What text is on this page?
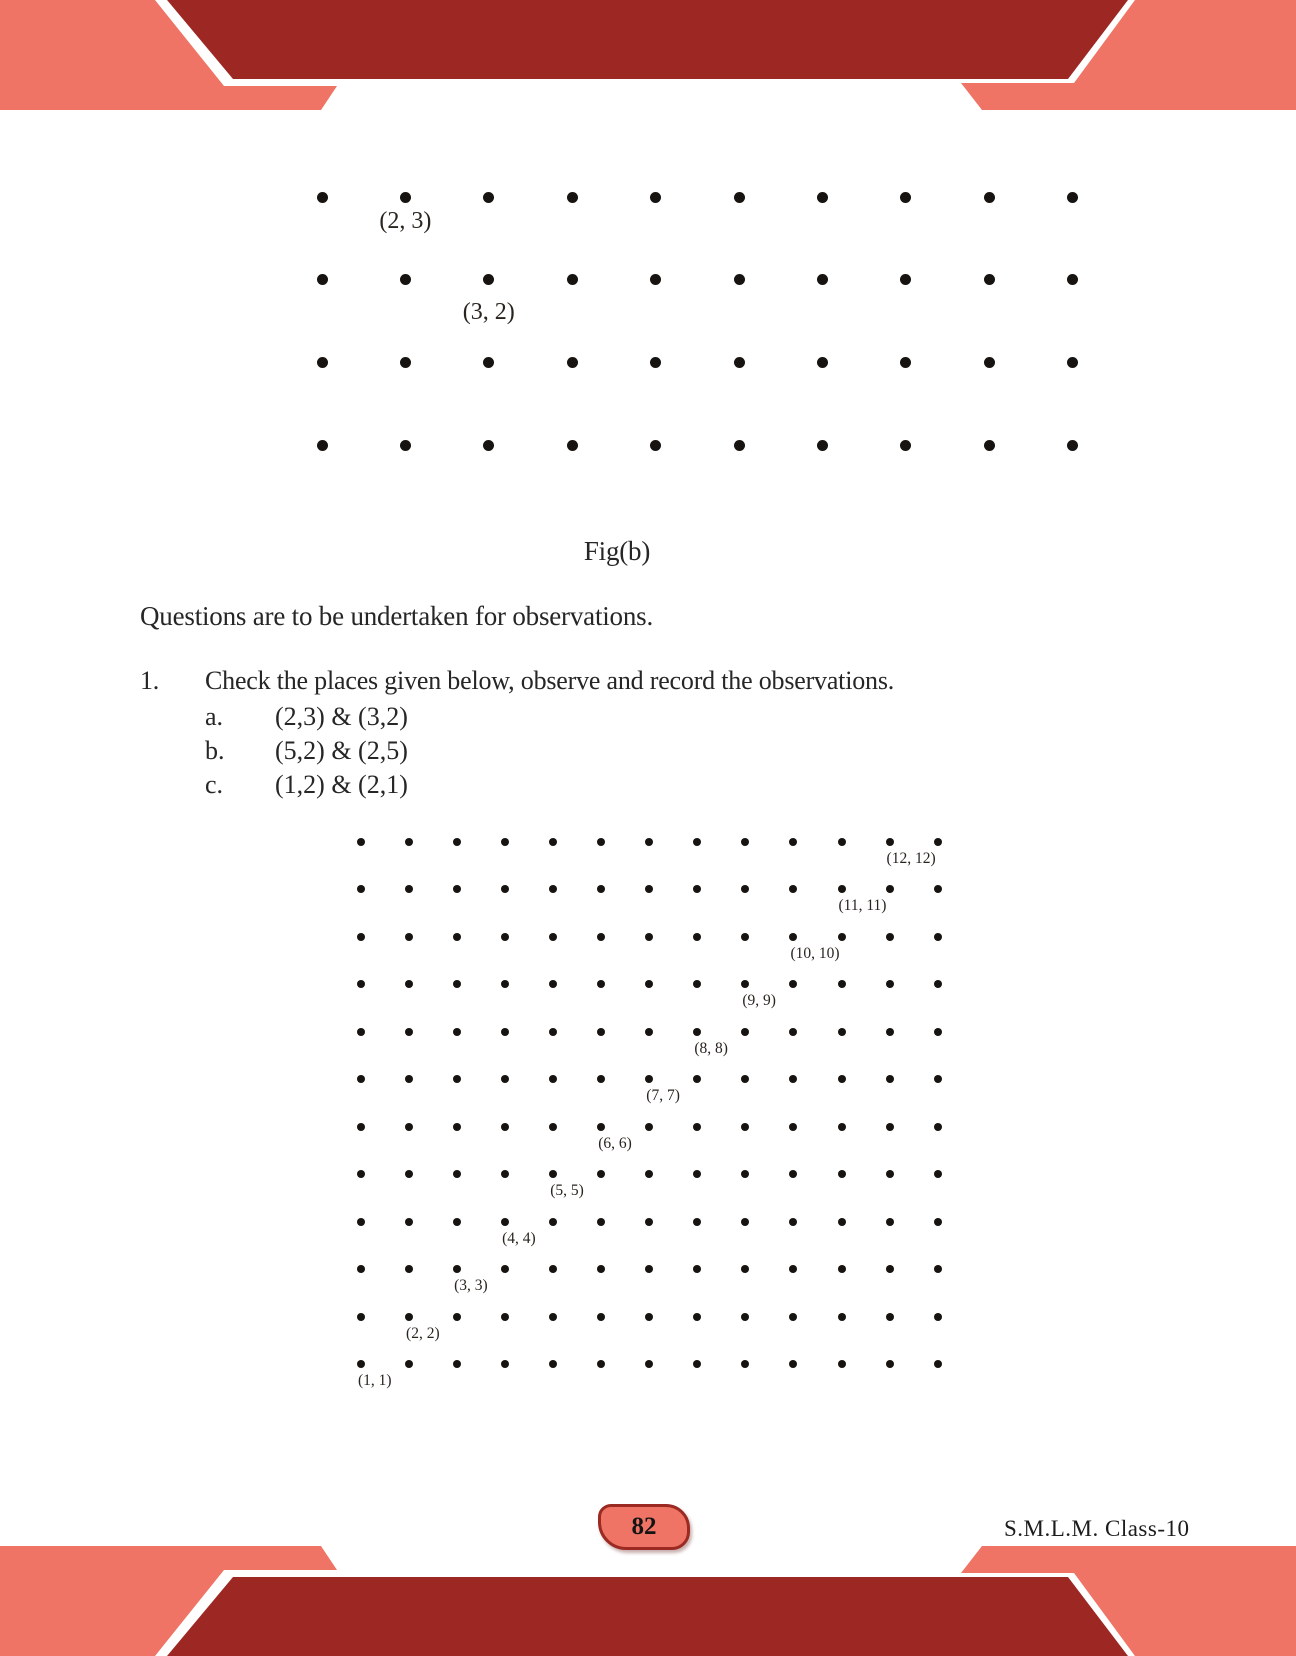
(2, 3)
(3, 2)
Fig(b)
Questions are to be undertaken for observations.
1. Check the places given below, observe and record the observations.
a. (2,3) & (3,2)
b. (5,2) & (2,5)
c. (1,2) & (2,1)
(12, 12)
(11, 11)
(10, 10)
(9, 9)
(8, 8)
(7, 7)
(6, 6)
(5, 5)
(4, 4)
(3, 3)
(2, 2)
(1, 1)
82	S.M.L.M. Class-10
